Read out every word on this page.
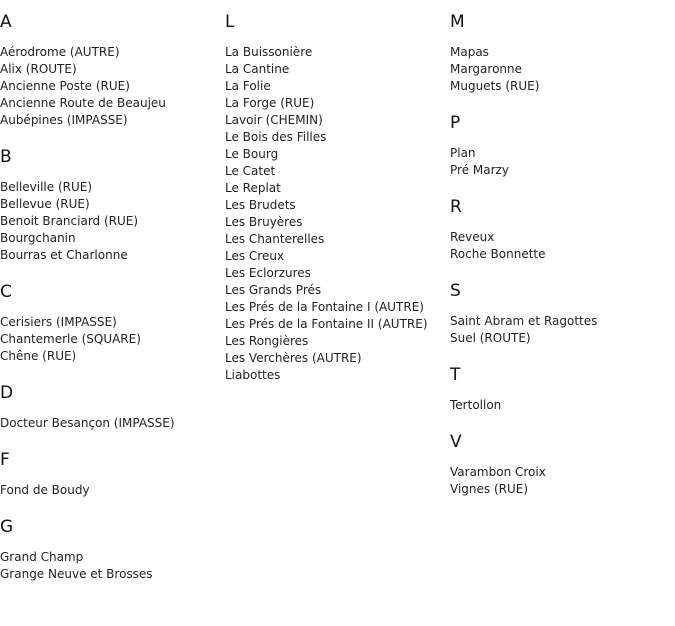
A
Aérodrome (AUTRE)
Alix (ROUTE)
Ancienne Poste (RUE)
Ancienne Route de Beaujeu
Aubépines (IMPASSE)
B
Belleville (RUE)
Bellevue (RUE)
Benoit Branciard (RUE)
Bourgchanin
Bourras et Charlonne
C
Cerisiers (IMPASSE)
Chantemerle (SQUARE)
Chêne (RUE)
D
Docteur Besançon (IMPASSE)
F
Fond de Boudy
G
Grand Champ
Grange Neuve et Brosses
L
La Buissonière
La Cantine
La Folie
La Forge (RUE)
Lavoir (CHEMIN)
Le Bois des Filles
Le Bourg
Le Catet
Le Replat
Les Brudets
Les Bruyères
Les Chanterelles
Les Creux
Les Eclorzures
Les Grands Prés
Les Prés de la Fontaine I (AUTRE)
Les Prés de la Fontaine II (AUTRE)
Les Rongières
Les Verchères (AUTRE)
Liabottes
M
Mapas
Margaronne
Muguets (RUE)
P
Plan
Pré Marzy
R
Reveux
Roche Bonnette
S
Saint Abram et Ragottes
Suel (ROUTE)
T
Tertollon
V
Varambon Croix
Vignes (RUE)
